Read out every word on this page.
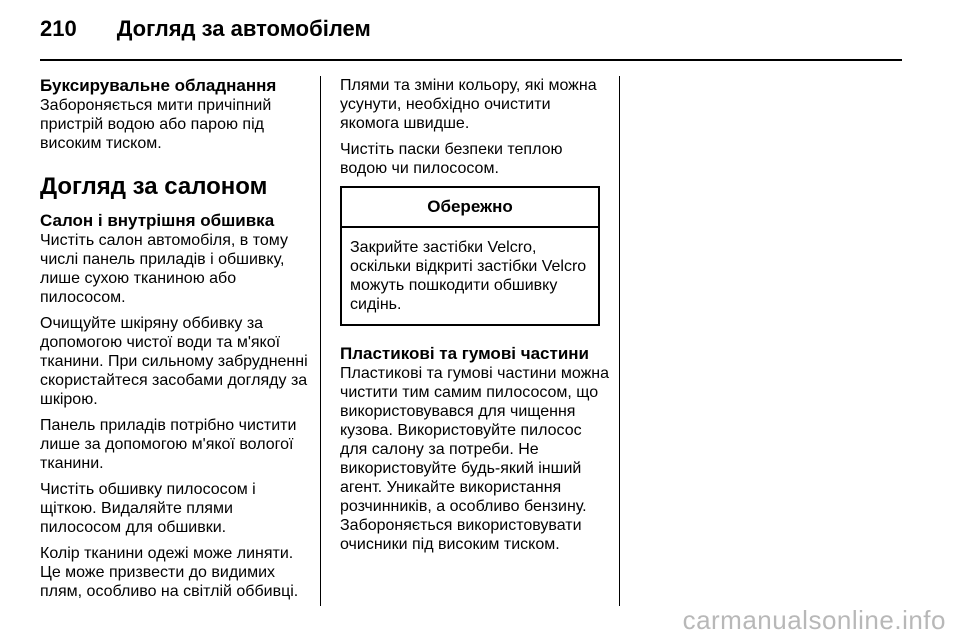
210 Догляд за автомобілем
Буксирувальне обладнання

Забороняється мити причіпний пристрій водою або парою під високим тиском.

Догляд за салоном
Салон і внутрішня обшивка

Чистіть салон автомобіля, в тому числі панель приладів і обшивку, лише сухою тканиною або пилососом.

Очищуйте шкіряну оббивку за допомогою чистої води та м'якої тканини. При сильному забрудненні скористайтеся засобами догляду за шкірою.

Панель приладів потрібно чистити лише за допомогою м'якої вологої тканини.

Чистіть обшивку пилососом і щіткою. Видаляйте плями пилососом для обшивки.

Колір тканини одежі може линяти. Це може призвести до видимих плям, особливо на світлій оббивці.

Плями та зміни кольору, які можна усунути, необхідно очистити якомога швидше.

Чистіть паски безпеки теплою водою чи пилососом.

Обережно
Закрийте застібки Velcro, оскільки відкриті застібки Velcro можуть пошкодити обшивку сидінь.
Пластикові та гумові частини

Пластикові та гумові частини можна чистити тим самим пилососом, що використовувався для чищення кузова. Використовуйте пилосос для салону за потреби. Не використовуйте будь-який інший агент. Уникайте використання розчинників, а особливо бензину. Забороняється використовувати очисники під високим тиском.

carmanualsonline.info
